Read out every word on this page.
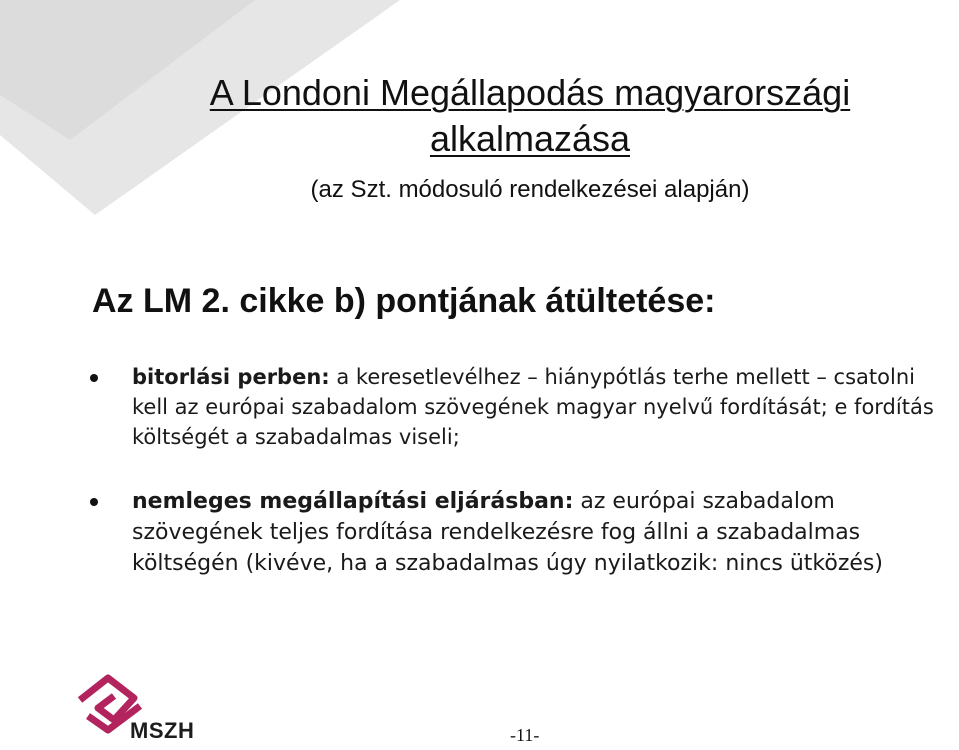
A Londoni Megállapodás magyarországi

alkalmazása

(az Szt. módosuló rendelkezései alapján)
Az LM 2. cikke b) pontjának átültetése:
bitorlási perben: a keresetlevélhez – hiánypótlás terhe mellett – csatolni kell az európai szabadalom szövegének magyar nyelvű fordítását; e fordítás költségét a szabadalmas viseli;
nemleges megállapítási eljárásban: az európai szabadalom szövegének teljes fordítása rendelkezésre fog állni a szabadalmas költségén (kivéve, ha a szabadalmas úgy nyilatkozik: nincs ütközés)
MSZH	-11-
